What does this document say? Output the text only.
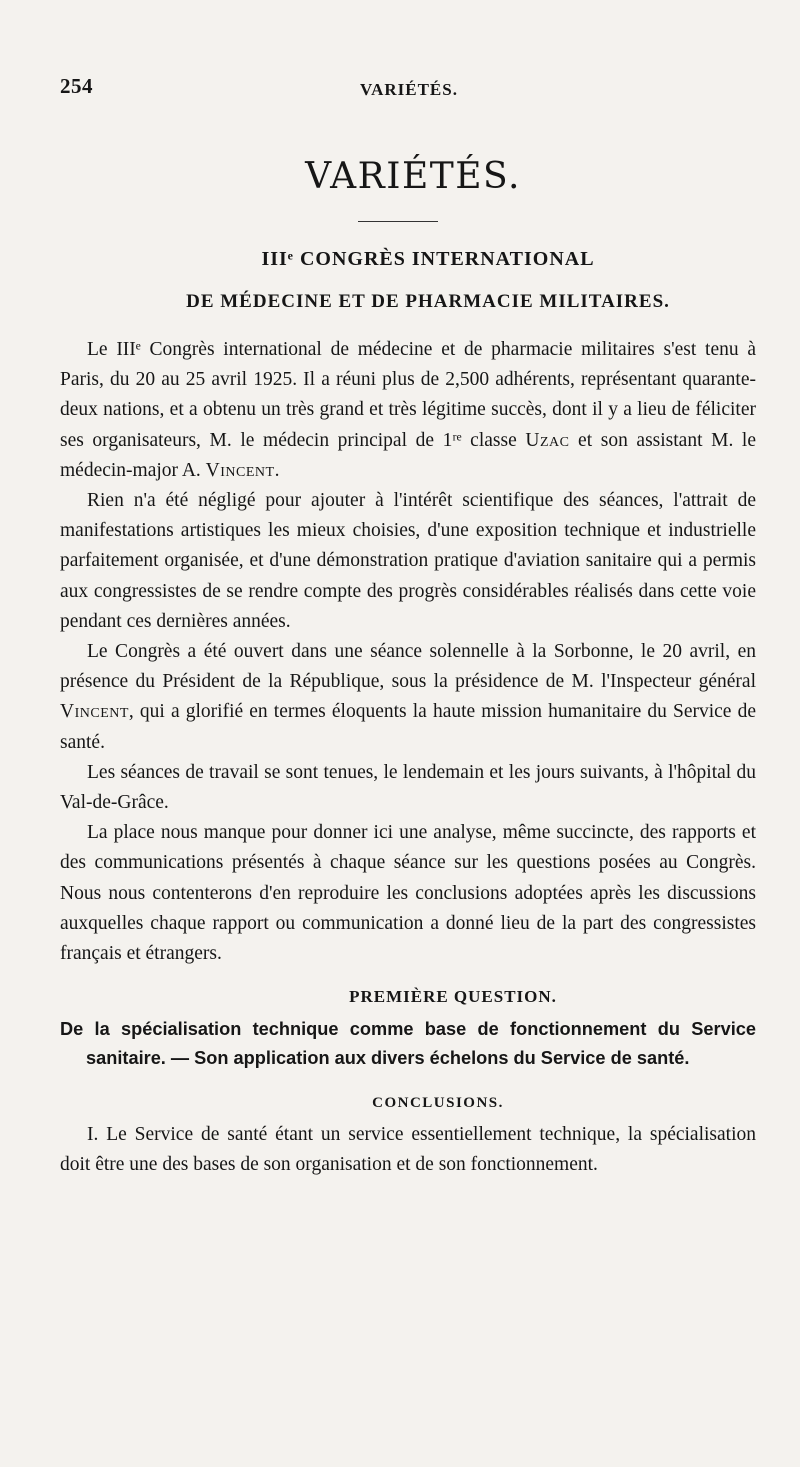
254	VARIÉTÉS.
VARIÉTÉS.
IIIᵉ CONGRÈS INTERNATIONAL
DE MÉDECINE ET DE PHARMACIE MILITAIRES.

Le IIIᵉ Congrès international de médecine et de pharmacie militaires s'est tenu à Paris, du 20 au 25 avril 1925. Il a réuni plus de 2,500 adhérents, représentant quarante-deux nations, et a obtenu un très grand et très légitime succès, dont il y a lieu de féliciter ses organisateurs, M. le médecin principal de 1ʳᵉ classe Uzac et son assistant M. le médecin-major A. Vincent.

Rien n'a été négligé pour ajouter à l'intérêt scientifique des séances, l'attrait de manifestations artistiques les mieux choisies, d'une exposition technique et industrielle parfaitement organisée, et d'une démonstration pratique d'aviation sanitaire qui a permis aux congressistes de se rendre compte des progrès considérables réalisés dans cette voie pendant ces dernières années.

Le Congrès a été ouvert dans une séance solennelle à la Sorbonne, le 20 avril, en présence du Président de la République, sous la présidence de M. l'Inspecteur général Vincent, qui a glorifié en termes éloquents la haute mission humanitaire du Service de santé.

Les séances de travail se sont tenues, le lendemain et les jours suivants, à l'hôpital du Val-de-Grâce.

La place nous manque pour donner ici une analyse, même succincte, des rapports et des communications présentés à chaque séance sur les questions posées au Congrès. Nous nous contenterons d'en reproduire les conclusions adoptées après les discussions auxquelles chaque rapport ou communication a donné lieu de la part des congressistes français et étrangers.

PREMIÈRE QUESTION.

De la spécialisation technique comme base de fonctionnement du Service sanitaire. — Son application aux divers échelons du Service de santé.

CONCLUSIONS.

I. Le Service de santé étant un service essentiellement technique, la spécialisation doit être une des bases de son organisation et de son fonctionnement.
